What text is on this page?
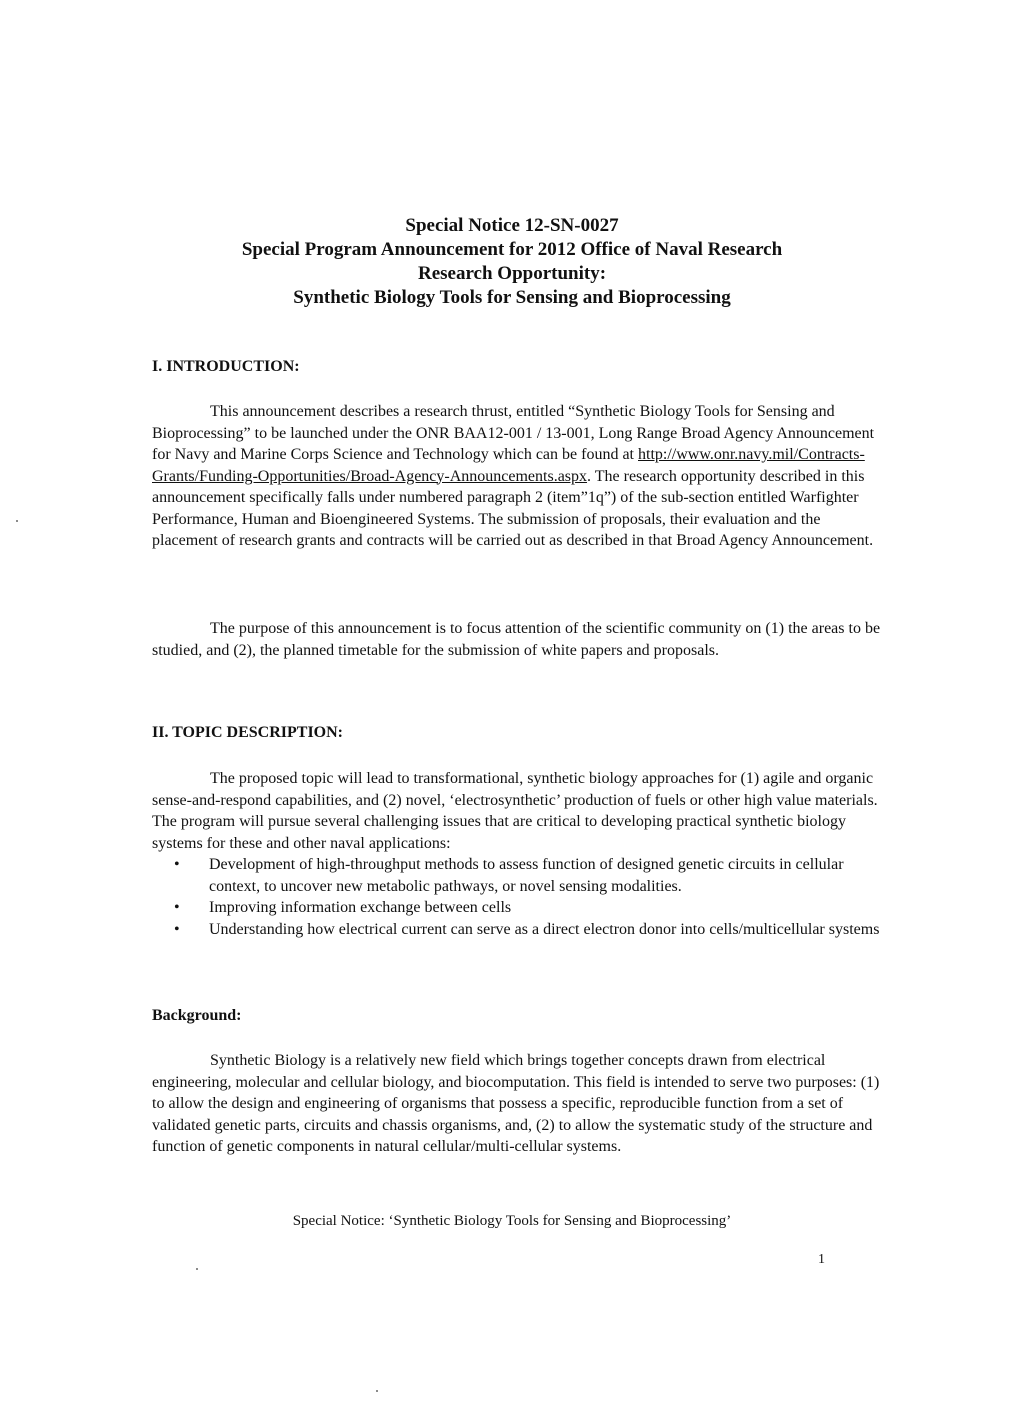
Special Notice 12-SN-0027
Special Program Announcement for 2012 Office of Naval Research
Research Opportunity:
Synthetic Biology Tools for Sensing and Bioprocessing
I. INTRODUCTION:

This announcement describes a research thrust, entitled “Synthetic Biology Tools for Sensing and Bioprocessing” to be launched under the ONR BAA12-001 / 13-001, Long Range Broad Agency Announcement for Navy and Marine Corps Science and Technology which can be found at http://www.onr.navy.mil/Contracts-Grants/Funding-Opportunities/Broad-Agency-Announcements.aspx. The research opportunity described in this announcement specifically falls under numbered paragraph 2 (item”1q”) of the sub-section entitled Warfighter Performance, Human and Bioengineered Systems. The submission of proposals, their evaluation and the placement of research grants and contracts will be carried out as described in that Broad Agency Announcement.

The purpose of this announcement is to focus attention of the scientific community on (1) the areas to be studied, and (2), the planned timetable for the submission of white papers and proposals.

II. TOPIC DESCRIPTION:

The proposed topic will lead to transformational, synthetic biology approaches for (1) agile and organic sense-and-respond capabilities, and (2) novel, ‘electrosynthetic’ production of fuels or other high value materials. The program will pursue several challenging issues that are critical to developing practical synthetic biology systems for these and other naval applications:

• Development of high-throughput methods to assess function of designed genetic circuits in cellular context, to uncover new metabolic pathways, or novel sensing modalities.
• Improving information exchange between cells
• Understanding how electrical current can serve as a direct electron donor into cells/multicellular systems
Background:

Synthetic Biology is a relatively new field which brings together concepts drawn from electrical engineering, molecular and cellular biology, and biocomputation. This field is intended to serve two purposes: (1) to allow the design and engineering of organisms that possess a specific, reproducible function from a set of validated genetic parts, circuits and chassis organisms, and, (2) to allow the systematic study of the structure and function of genetic components in natural cellular/multi-cellular systems.

Special Notice: ‘Synthetic Biology Tools for Sensing and Bioprocessing’
1
